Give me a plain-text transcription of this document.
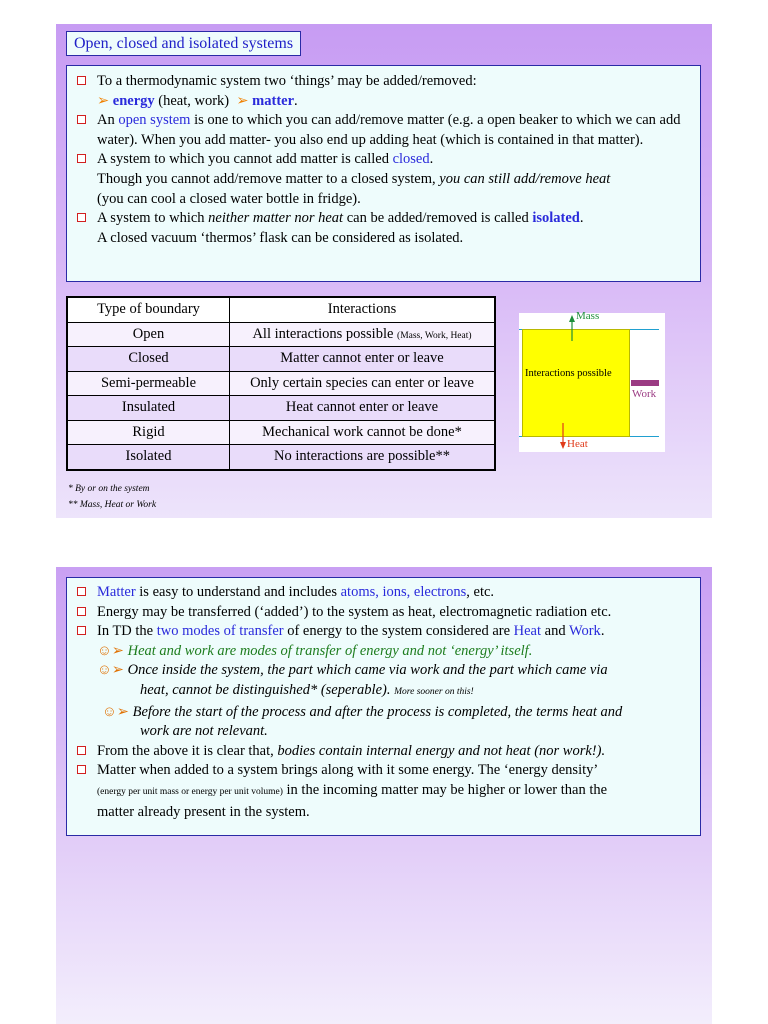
Open, closed and isolated systems
To a thermodynamic system two ‘things’ may be added/removed:
➢ energy (heat, work) ➢ matter.
An open system is one to which you can add/remove matter (e.g. a open beaker to which we can add water). When you add matter- you also end up adding heat (which is contained in that matter).
A system to which you cannot add matter is called closed.
Though you cannot add/remove matter to a closed system, you can still add/remove heat
(you can cool a closed water bottle in fridge).
A system to which neither matter nor heat can be added/removed is called isolated.
A closed vacuum ‘thermos’ flask can be considered as isolated.
Type of boundary	Interactions
Open	All interactions possible (Mass, Work, Heat)
Closed	Matter cannot enter or leave
Semi-permeable	Only certain species can enter or leave
Insulated	Heat cannot enter or leave
Rigid	Mechanical work cannot be done*
Isolated	No interactions are possible**
Interactions possible
Mass
Work
Heat
* By or on the system
** Mass, Heat or Work
Matter is easy to understand and includes atoms, ions, electrons, etc.
Energy may be transferred (‘added’) to the system as heat, electromagnetic radiation etc.
In TD the two modes of transfer of energy to the system considered are Heat and Work.
☺➢ Heat and work are modes of transfer of energy and not ‘energy’ itself.
☺➢ Once inside the system, the part which came via work and the part which came via
heat, cannot be distinguished* (seperable). More sooner on this!
☺➢ Before the start of the process and after the process is completed, the terms heat and
work are not relevant.
From the above it is clear that, bodies contain internal energy and not heat (nor work!).
Matter when added to a system brings along with it some energy. The ‘energy density’
(energy per unit mass or energy per unit volume) in the incoming matter may be higher or lower than the
matter already present in the system.
